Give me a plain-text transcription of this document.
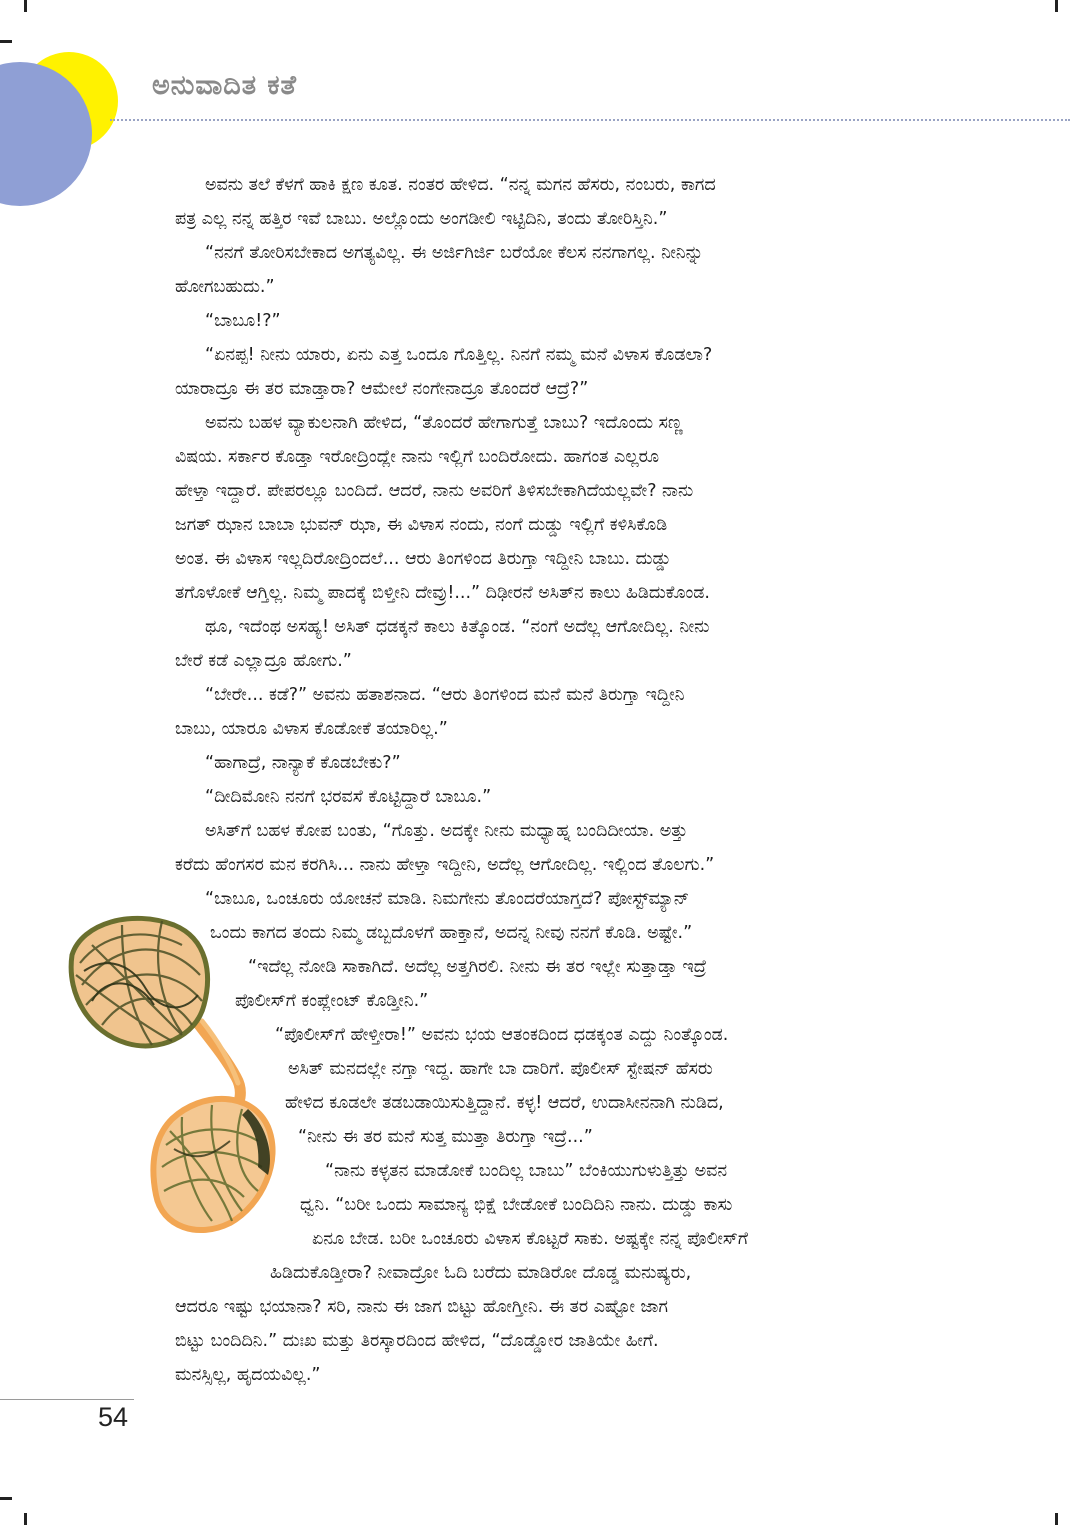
ಅನುವಾದಿತ ಕತೆ
ಅವನು ತಲೆ ಕೆಳಗೆ ಹಾಕಿ ಕ್ಷಣ ಕೂತ. ನಂತರ ಹೇಳಿದ. “ನನ್ನ ಮಗನ ಹೆಸರು, ನಂಬರು, ಕಾಗದ
ಪತ್ರ ಎಲ್ಲ ನನ್ನ ಹತ್ತಿರ ಇವೆ ಬಾಬು. ಅಲ್ಲೊಂದು ಅಂಗಡೀಲಿ ಇಟ್ಟಿದಿನಿ, ತಂದು ತೋರಿಸ್ತಿನಿ.”
“ನನಗೆ ತೋರಿಸಬೇಕಾದ ಅಗತ್ಯವಿಲ್ಲ. ಈ ಅರ್ಜಿಗಿರ್ಜಿ ಬರೆಯೋ ಕೆಲಸ ನನಗಾಗಲ್ಲ. ನೀನಿನ್ನು
ಹೋಗಬಹುದು.”
“ಬಾಬೂ!?”
“ಏನಪ್ಪ! ನೀನು ಯಾರು, ಏನು ಎತ್ತ ಒಂದೂ ಗೊತ್ತಿಲ್ಲ. ನಿನಗೆ ನಮ್ಮ ಮನೆ ವಿಳಾಸ ಕೊಡಲಾ?
ಯಾರಾದ್ರೂ ಈ ತರ ಮಾಡ್ತಾರಾ? ಆಮೇಲೆ ನಂಗೇನಾದ್ರೂ ತೊಂದರೆ ಆದ್ರೆ?”
ಅವನು ಬಹಳ ವ್ಯಾಕುಲನಾಗಿ ಹೇಳಿದ, “ತೊಂದರೆ ಹೇಗಾಗುತ್ತೆ ಬಾಬು? ಇದೊಂದು ಸಣ್ಣ
ವಿಷಯ. ಸರ್ಕಾರ ಕೊಡ್ತಾ ಇರೋದ್ರಿಂದ್ಲೇ ನಾನು ಇಲ್ಲಿಗೆ ಬಂದಿರೋದು. ಹಾಗಂತ ಎಲ್ಲರೂ
ಹೇಳ್ತಾ ಇದ್ದಾರೆ. ಪೇಪರಲ್ಲೂ ಬಂದಿದೆ. ಆದರೆ, ನಾನು ಅವರಿಗೆ ತಿಳಿಸಬೇಕಾಗಿದೆಯಲ್ಲವೇ? ನಾನು
ಜಗತ್ ಝಾನ ಬಾಬಾ ಭುವನ್ ಝಾ, ಈ ವಿಳಾಸ ನಂದು, ನಂಗೆ ದುಡ್ಡು ಇಲ್ಲಿಗೆ ಕಳಿಸಿಕೊಡಿ
ಅಂತ. ಈ ವಿಳಾಸ ಇಲ್ಲದಿರೋದ್ರಿಂದಲೆ... ಆರು ತಿಂಗಳಿಂದ ತಿರುಗ್ತಾ ಇದ್ದೀನಿ ಬಾಬು. ದುಡ್ಡು
ತಗೊಳೋಕೆ ಆಗ್ತಿಲ್ಲ. ನಿಮ್ಮ ಪಾದಕ್ಕೆ ಬಿಳ್ತೀನಿ ದೇವ್ರು!...” ದಿಢೀರನೆ ಅಸಿತ್‌ನ ಕಾಲು ಹಿಡಿದುಕೊಂಡ.
ಥೂ, ಇದೆಂಥ ಅಸಹ್ಯ! ಅಸಿತ್ ಧಡಕ್ಕನೆ ಕಾಲು ಕಿತ್ಕೊಂಡ. “ನಂಗೆ ಅದೆಲ್ಲ ಆಗೋದಿಲ್ಲ. ನೀನು
ಬೇರೆ ಕಡೆ ಎಲ್ಲಾದ್ರೂ ಹೋಗು.”
“ಬೇರೇ... ಕಡೆ?” ಅವನು ಹತಾಶನಾದ. “ಆರು ತಿಂಗಳಿಂದ ಮನೆ ಮನೆ ತಿರುಗ್ತಾ ಇದ್ದೀನಿ
ಬಾಬು, ಯಾರೂ ವಿಳಾಸ ಕೊಡೋಕೆ ತಯಾರಿಲ್ಲ.”
“ಹಾಗಾದ್ರೆ, ನಾನ್ಯಾಕೆ ಕೊಡಬೇಕು?”
“ದೀದಿಮೋನಿ ನನಗೆ ಭರವಸೆ ಕೊಟ್ಟಿದ್ದಾರೆ ಬಾಬೂ.”
ಅಸಿತ್‌ಗೆ ಬಹಳ ಕೋಪ ಬಂತು, “ಗೊತ್ತು. ಅದಕ್ಕೇ ನೀನು ಮಧ್ಯಾಹ್ನ ಬಂದಿದೀಯಾ. ಅತ್ತು
ಕರೆದು ಹೆಂಗಸರ ಮನ ಕರಗಿಸಿ... ನಾನು ಹೇಳ್ತಾ ಇದ್ದೀನಿ, ಅದೆಲ್ಲ ಆಗೋದಿಲ್ಲ. ಇಲ್ಲಿಂದ ತೊಲಗು.”
“ಬಾಬೂ, ಒಂಚೂರು ಯೋಚನೆ ಮಾಡಿ. ನಿಮಗೇನು ತೊಂದರೆಯಾಗ್ತದೆ? ಪೋಸ್ಟ್‌ಮ್ಯಾನ್
ಒಂದು ಕಾಗದ ತಂದು ನಿಮ್ಮ ಡಬ್ಬದೊಳಗೆ ಹಾಕ್ತಾನೆ, ಅದನ್ನ ನೀವು ನನಗೆ ಕೊಡಿ. ಅಷ್ಟೇ.”
“ಇದೆಲ್ಲ ನೋಡಿ ಸಾಕಾಗಿದೆ. ಅದೆಲ್ಲ ಅತ್ತಗಿರಲಿ. ನೀನು ಈ ತರ ಇಲ್ಲೇ ಸುತ್ತಾಡ್ತಾ ಇದ್ರೆ
ಪೊಲೀಸ್‌ಗೆ ಕಂಪ್ಲೇಂಟ್ ಕೊಡ್ತೀನಿ.”
“ಪೊಲೀಸ್‌ಗೆ ಹೇಳ್ತೀರಾ!” ಅವನು ಭಯ ಆತಂಕದಿಂದ ಧಡಕ್ಕಂತ ಎದ್ದು ನಿಂತ್ಕೊಂಡ.
ಅಸಿತ್ ಮನದಲ್ಲೇ ನಗ್ತಾ ಇದ್ದ. ಹಾಗೇ ಬಾ ದಾರಿಗೆ. ಪೊಲೀಸ್ ಸ್ಟೇಷನ್ ಹೆಸರು
ಹೇಳಿದ ಕೂಡಲೇ ತಡಬಡಾಯಿಸುತ್ತಿದ್ದಾನೆ. ಕಳ್ಳ! ಆದರೆ, ಉದಾಸೀನನಾಗಿ ನುಡಿದ,
“ನೀನು ಈ ತರ ಮನೆ ಸುತ್ತ ಮುತ್ತಾ ತಿರುಗ್ತಾ ಇದ್ರೆ...”
“ನಾನು ಕಳ್ಳತನ ಮಾಡೋಕೆ ಬಂದಿಲ್ಲ ಬಾಬು” ಬೆಂಕಿಯುಗುಳುತ್ತಿತ್ತು ಅವನ
ಧ್ವನಿ. “ಬರೀ ಒಂದು ಸಾಮಾನ್ಯ ಭಿಕ್ಷೆ ಬೇಡೋಕೆ ಬಂದಿದಿನಿ ನಾನು. ದುಡ್ಡು ಕಾಸು
ಏನೂ ಬೇಡ. ಬರೀ ಒಂಚೂರು ವಿಳಾಸ ಕೊಟ್ಟರೆ ಸಾಕು. ಅಷ್ಟಕ್ಕೇ ನನ್ನ ಪೊಲೀಸ್‌ಗೆ
ಹಿಡಿದುಕೊಡ್ತೀರಾ? ನೀವಾದ್ರೋ ಓದಿ ಬರೆದು ಮಾಡಿರೋ ದೊಡ್ಡ ಮನುಷ್ಯರು,
ಆದರೂ ಇಷ್ಟು ಭಯಾನಾ? ಸರಿ, ನಾನು ಈ ಜಾಗ ಬಿಟ್ಟು ಹೋಗ್ತೀನಿ. ಈ ತರ ಎಷ್ಟೋ ಜಾಗ
ಬಿಟ್ಟು ಬಂದಿದಿನಿ.” ದುಃಖ ಮತ್ತು ತಿರಸ್ಕಾರದಿಂದ ಹೇಳಿದ, “ದೊಡ್ಡೋರ ಜಾತಿಯೇ ಹೀಗೆ.
ಮನಸ್ಸಿಲ್ಲ, ಹೃದಯವಿಲ್ಲ.”
54
